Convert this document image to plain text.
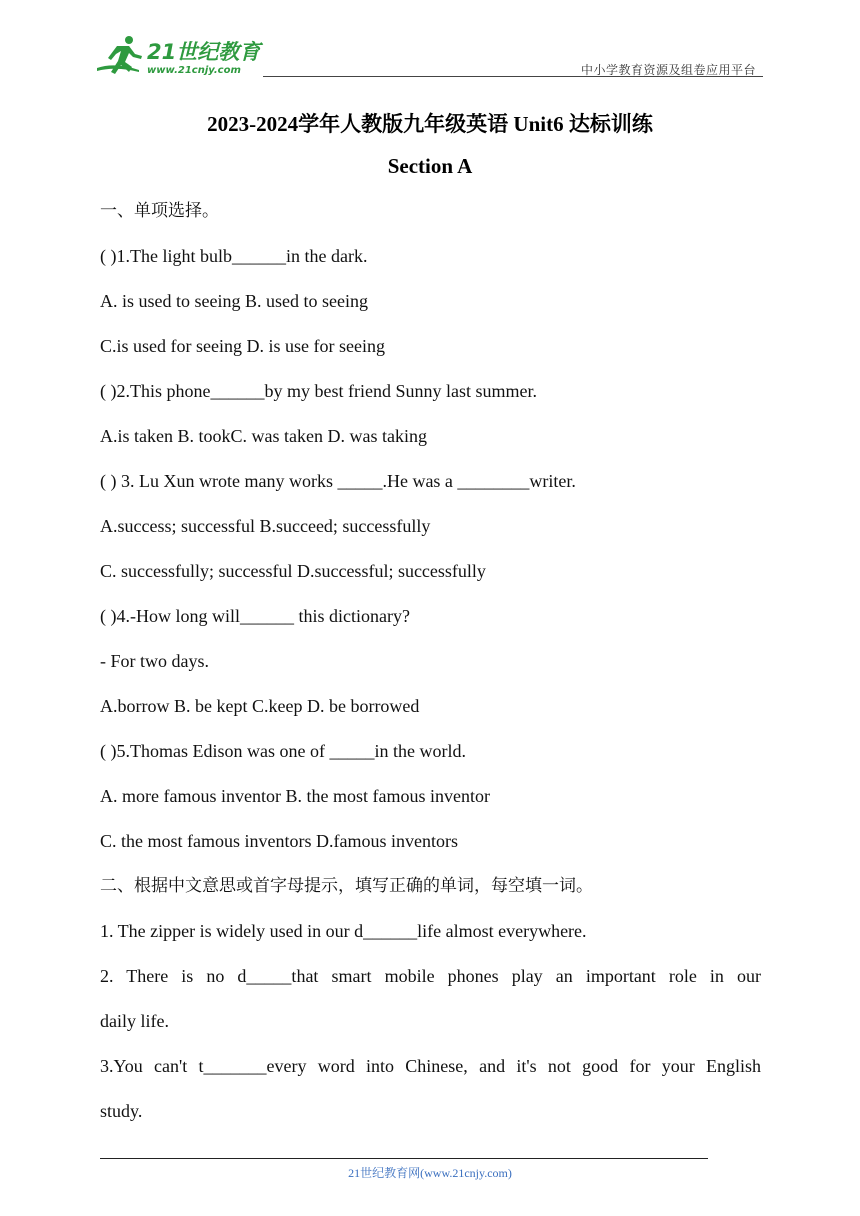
21世纪教育
www.21cnjy.com	中小学教育资源及组卷应用平台
2023-2024学年人教版九年级英语 Unit6 达标训练
Section A
一、单项选择。
( )1.The light bulb______in the dark.
A. is used to seeing B. used to seeing
C.is used for seeing D. is use for seeing
( )2.This phone______by my best friend Sunny last summer.
A.is taken B. tookC. was taken D. was taking
( ) 3. Lu Xun wrote many works _____.He was a ________writer.
A.success; successful B.succeed; successfully
C. successfully; successful D.successful; successfully
( )4.-How long will______ this dictionary?
- For two days.
A.borrow B. be kept C.keep D. be borrowed
( )5.Thomas Edison was one of _____in the world.
A. more famous inventor B. the most famous inventor
C. the most famous inventors D.famous inventors
二、根据中文意思或首字母提示，填写正确的单词，每空填一词。
1. The zipper is widely used in our d______life almost everywhere.
2. There is no d_____that smart mobile phones play an important role in our
daily life.
3.You can't t_______every word into Chinese, and it's not good for your English
study.
21世纪教育网(www.21cnjy.com)
